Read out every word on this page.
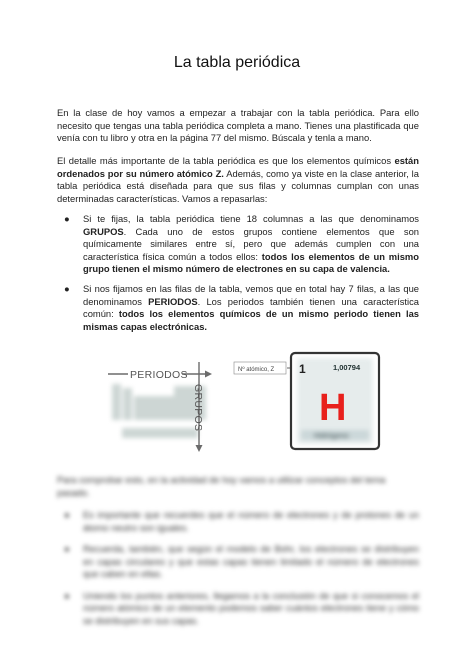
La tabla periódica

En la clase de hoy vamos a empezar a trabajar con la tabla periódica. Para ello necesito que tengas una tabla periódica completa a mano. Tienes una plastificada que venía con tu libro y otra en la página 77 del mismo. Búscala y tenla a mano.

El detalle más importante de la tabla periódica es que los elementos químicos están ordenados por su número atómico Z. Además, como ya viste en la clase anterior, la tabla periódica está diseñada para que sus filas y columnas cumplan con unas determinadas características. Vamos a repasarlas:

● Si te fijas, la tabla periódica tiene 18 columnas a las que denominamos GRUPOS. Cada uno de estos grupos contiene elementos que son químicamente similares entre sí, pero que además cumplen con una característica física común a todos ellos: todos los elementos de un mismo grupo tienen el mismo número de electrones en su capa de valencia.
● Si nos fijamos en las filas de la tabla, vemos que en total hay 7 filas, a las que denominamos PERIODOS. Los periodos también tienen una característica común: todos los elementos químicos de un mismo periodo tienen las mismas capas electrónicas.
PERIODOS
GRUPOS
Nº atómico, Z 1	1,00794
H
Hidrógeno

Para comprobar esto, en la actividad de hoy vamos a utilizar conceptos del tema pasado.

● Es importante que recuerdes que el número de electrones y de protones de un átomo neutro son iguales.
● Recuerda, también, que según el modelo de Bohr, los electrones se distribuyen en capas circulares y que estas capas tienen limitado el número de electrones que caben en ellas.
● Uniendo los puntos anteriores, llegamos a la conclusión de que si conocemos el número atómico de un elemento podemos saber cuántos electrones tiene y cómo se distribuyen en sus capas.
